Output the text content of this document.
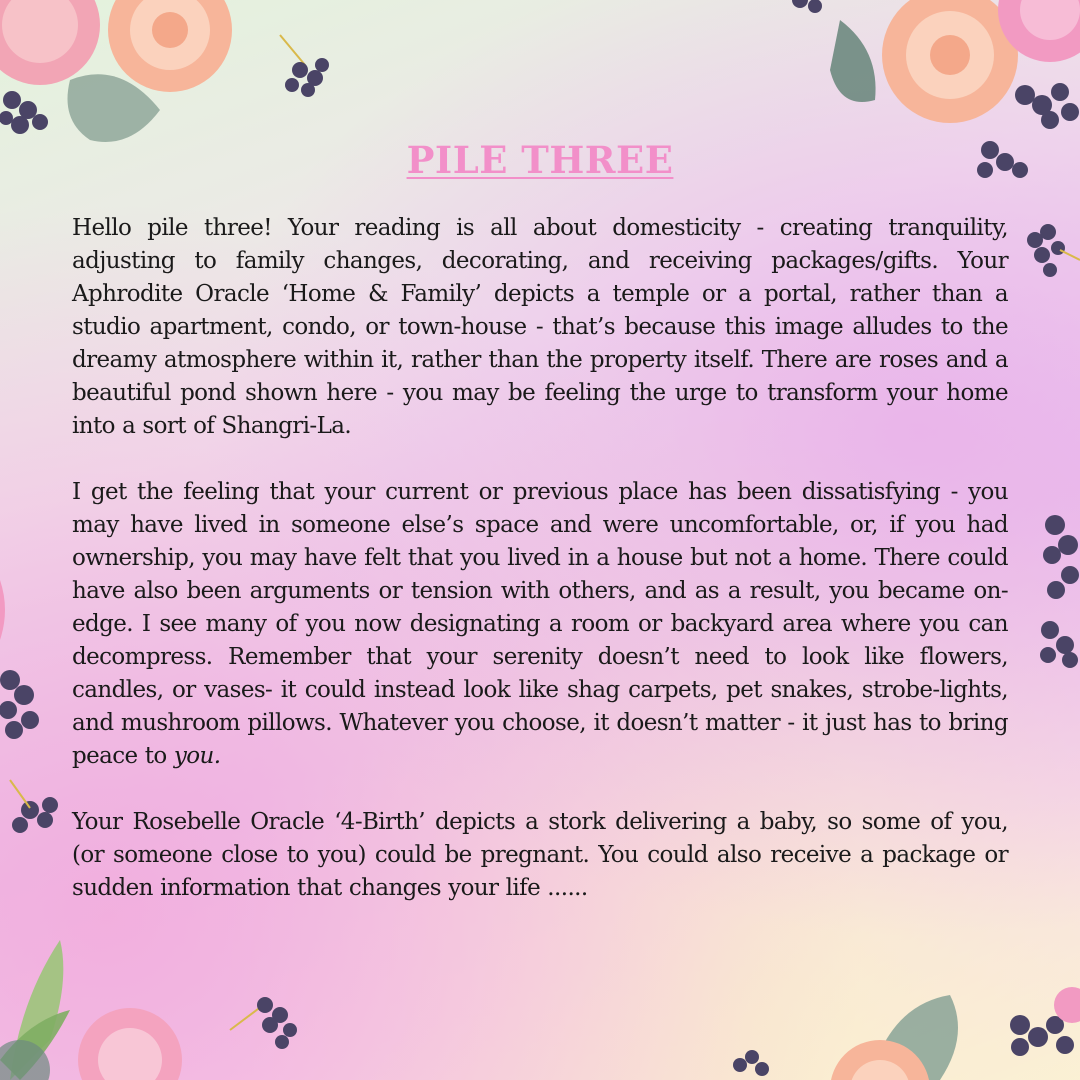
PILE THREE

Hello pile three! Your reading is all about domesticity - creating tranquility, adjusting to family changes, decorating, and receiving packages/gifts. Your Aphrodite Oracle ‘Home & Family’ depicts a temple or a portal, rather than a studio apartment, condo, or town-house - that’s because this image alludes to the dreamy atmosphere within it, rather than the property itself. There are roses and a beautiful pond shown here - you may be feeling the urge to transform your home into a sort of Shangri-La.

I get the feeling that your current or previous place has been dissatisfying - you may have lived in someone else’s space and were uncomfortable, or, if you had ownership, you may have felt that you lived in a house but not a home. There could have also been arguments or tension with others, and as a result, you became on-edge. I see many of you now designating a room or backyard area where you can decompress. Remember that your serenity doesn’t need to look like flowers, candles, or vases- it could instead look like shag carpets, pet snakes, strobe-lights, and mushroom pillows. Whatever you choose, it doesn’t matter - it just has to bring peace to you.

Your Rosebelle Oracle ‘4-Birth’ depicts a stork delivering a baby, so some of you, (or someone close to you) could be pregnant. You could also receive a package or sudden information that changes your life ......
